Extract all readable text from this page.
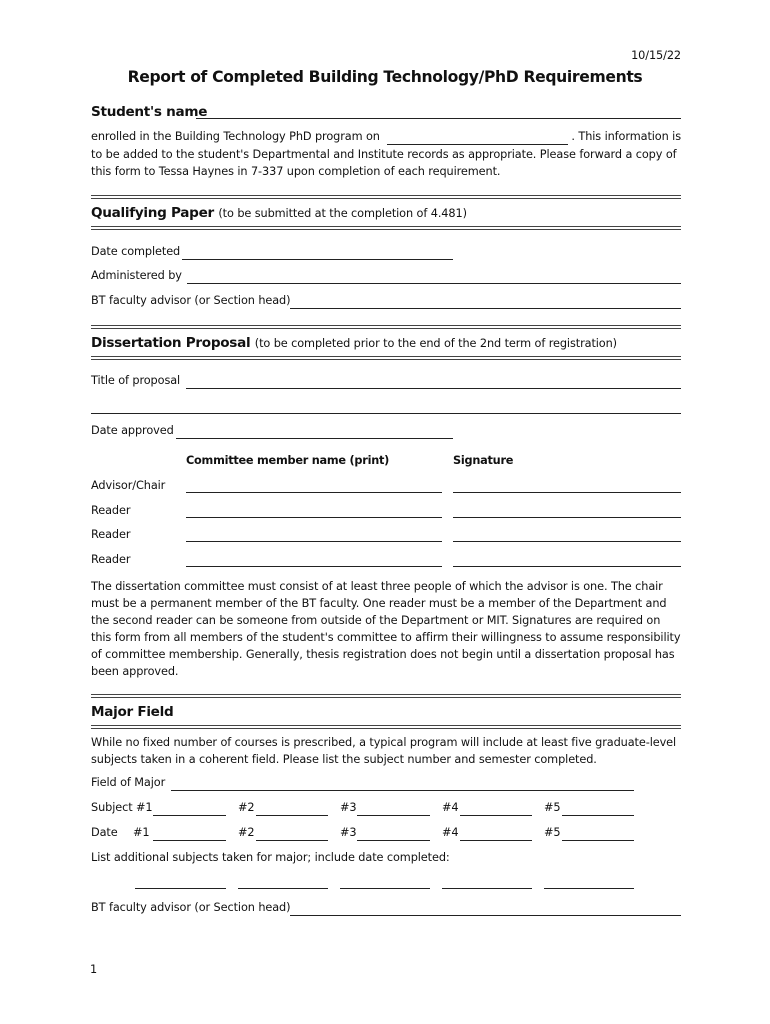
10/15/22
Report of Completed Building Technology/PhD Requirements
Student's name
enrolled in the Building Technology PhD program on	. This information is
to be added to the student's Departmental and Institute records as appropriate. Please forward a copy of
this form to Tessa Haynes in 7-337 upon completion of each requirement.
Qualifying Paper (to be submitted at the completion of 4.481)
Date completed
Administered by
BT faculty advisor (or Section head)
Dissertation Proposal (to be completed prior to the end of the 2nd term of registration)
Title of proposal
Date approved
Committee member name (print)	Signature
Advisor/Chair
Reader
Reader
Reader
The dissertation committee must consist of at least three people of which the advisor is one. The chair
must be a permanent member of the BT faculty. One reader must be a member of the Department and
the second reader can be someone from outside of the Department or MIT. Signatures are required on
this form from all members of the student's committee to affirm their willingness to assume responsibility
of committee membership. Generally, thesis registration does not begin until a dissertation proposal has
been approved.
Major Field
While no fixed number of courses is prescribed, a typical program will include at least five graduate-level
subjects taken in a coherent field. Please list the subject number and semester completed.
Field of Major
Subject #1	#2	#3	#4	#5
Date #1	#2	#3	#4	#5
List additional subjects taken for major; include date completed:
BT faculty advisor (or Section head)
1
